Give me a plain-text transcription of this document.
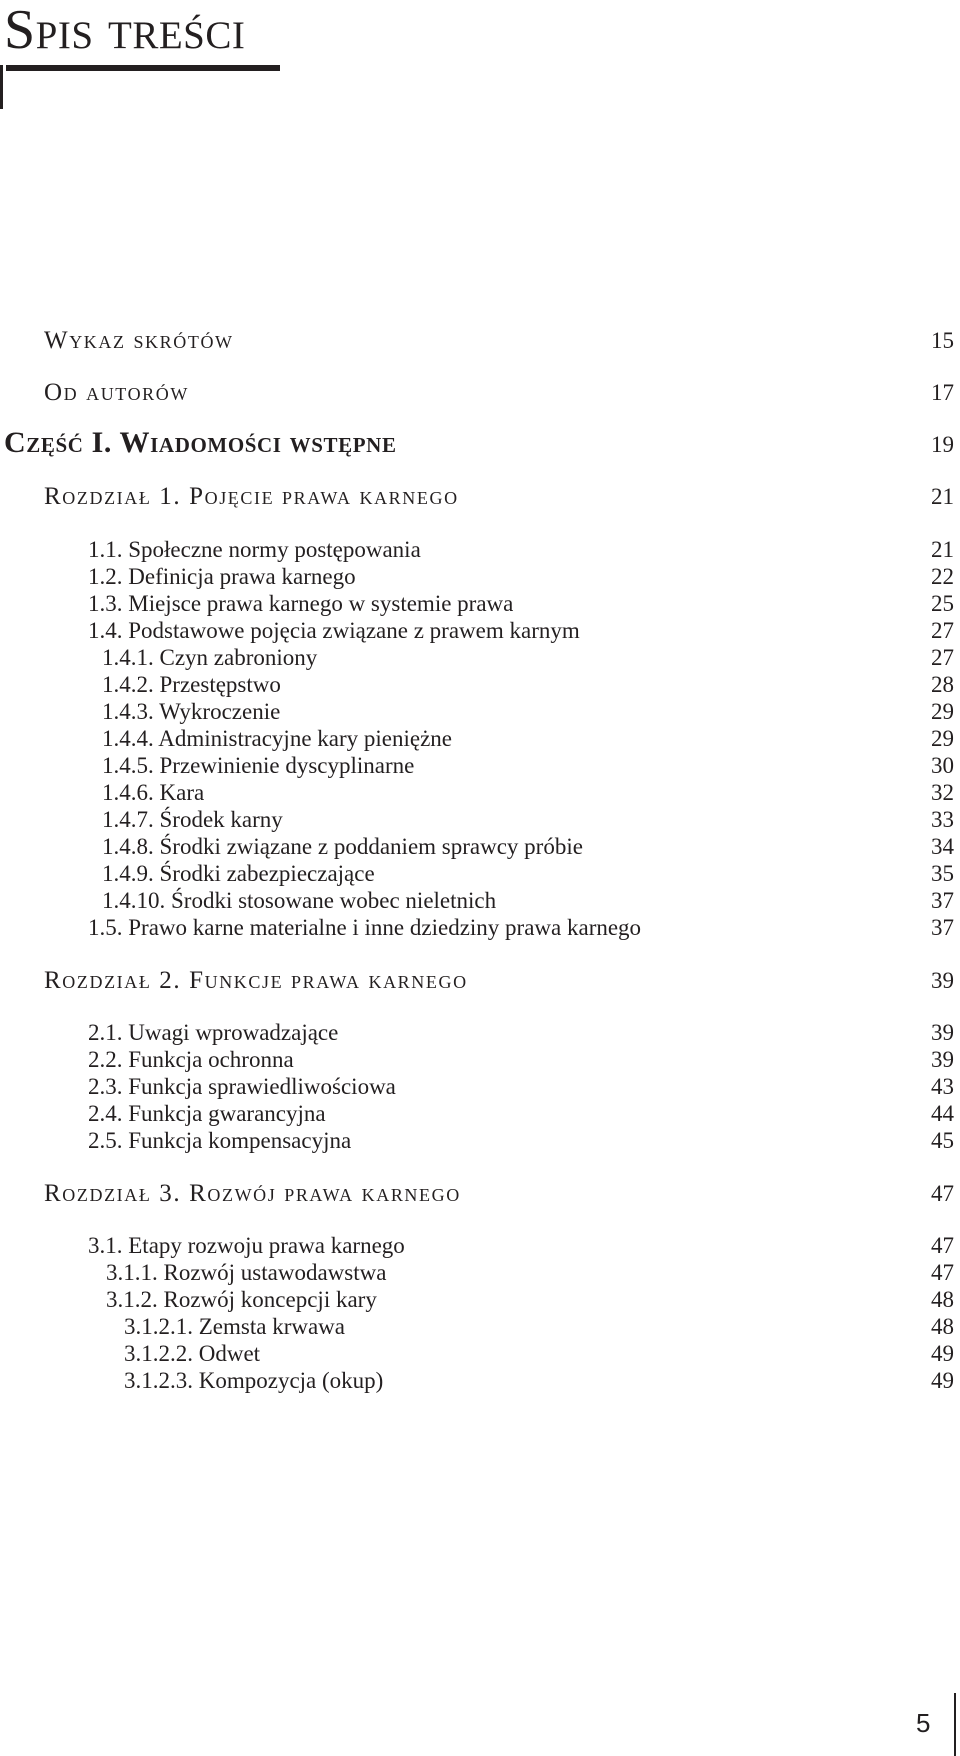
Spis treści
Wykaz skrótów	15
Od autorów	17
Część I. Wiadomości wstępne	19
Rozdział 1. Pojęcie prawa karnego	21
1.1. Społeczne normy postępowania	21
1.2. Definicja prawa karnego	22
1.3. Miejsce prawa karnego w systemie prawa	25
1.4. Podstawowe pojęcia związane z prawem karnym	27
1.4.1. Czyn zabroniony	27
1.4.2. Przestępstwo	28
1.4.3. Wykroczenie	29
1.4.4. Administracyjne kary pieniężne	29
1.4.5. Przewinienie dyscyplinarne	30
1.4.6. Kara	32
1.4.7. Środek karny	33
1.4.8. Środki związane z poddaniem sprawcy próbie	34
1.4.9. Środki zabezpieczające	35
1.4.10. Środki stosowane wobec nieletnich	37
1.5. Prawo karne materialne i inne dziedziny prawa karnego	37
Rozdział 2. Funkcje prawa karnego	39
2.1. Uwagi wprowadzające	39
2.2. Funkcja ochronna	39
2.3. Funkcja sprawiedliwościowa	43
2.4. Funkcja gwarancyjna	44
2.5. Funkcja kompensacyjna	45
Rozdział 3. Rozwój prawa karnego	47
3.1. Etapy rozwoju prawa karnego	47
3.1.1. Rozwój ustawodawstwa	47
3.1.2. Rozwój koncepcji kary	48
3.1.2.1. Zemsta krwawa	48
3.1.2.2. Odwet	49
3.1.2.3. Kompozycja (okup)	49
5
